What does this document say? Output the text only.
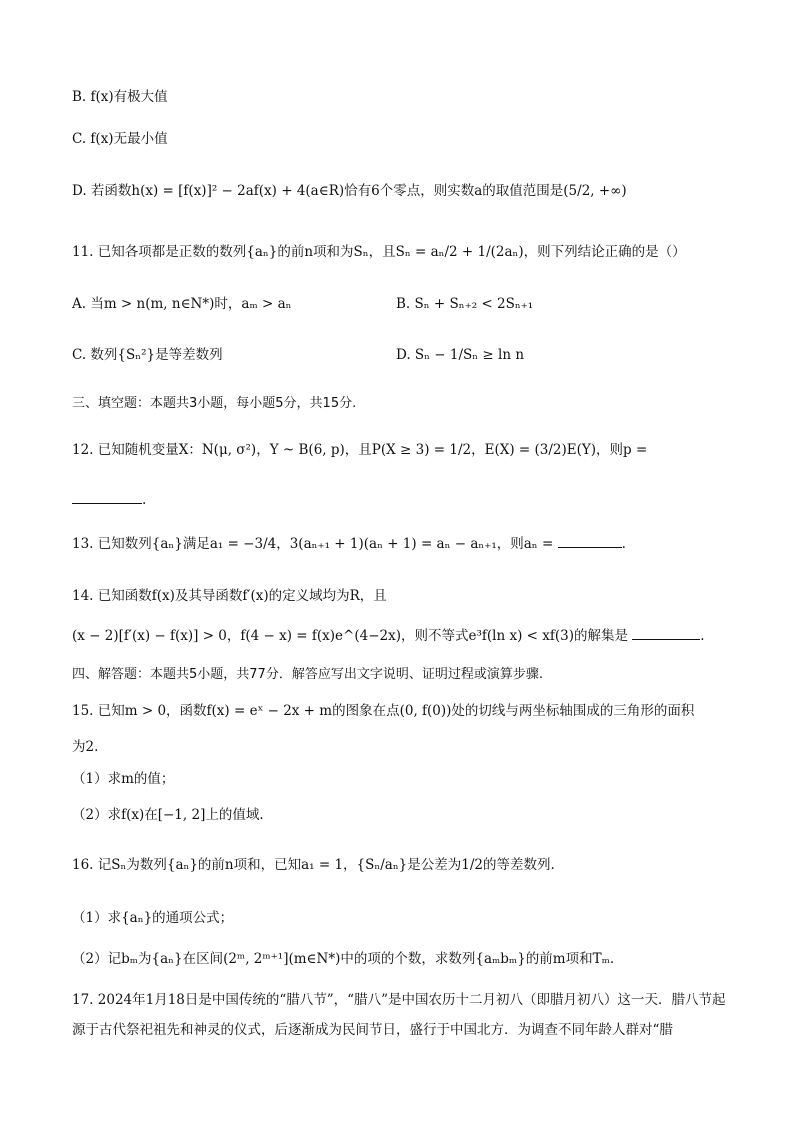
B. f(x)有极大值
C. f(x)无最小值
D. 若函数h(x) = [f(x)]² − 2af(x) + 4(a∈R)恰有6个零点，则实数a的取值范围是(5/2, +∞)
11. 已知各项都是正数的数列{aₙ}的前n项和为Sₙ，且Sₙ = aₙ/2 + 1/(2aₙ)，则下列结论正确的是（）
A. 当m > n(m, n∈N*)时，aₘ > aₙ	B. Sₙ + Sₙ₊₂ < 2Sₙ₊₁
C. 数列{Sₙ²}是等差数列	D. Sₙ − 1/Sₙ ≥ ln n
三、填空题：本题共3小题，每小题5分，共15分.
12. 已知随机变量X：N(μ, σ²)，Y ~ B(6, p)，且P(X ≥ 3) = 1/2，E(X) = (3/2)E(Y)，则p =
.
13. 已知数列{aₙ}满足a₁ = −3/4，3(aₙ₊₁ + 1)(aₙ + 1) = aₙ − aₙ₊₁，则aₙ =	.
14. 已知函数f(x)及其导函数f′(x)的定义域均为R，且
(x − 2)[f′(x) − f(x)] > 0，f(4 − x) = f(x)e^(4−2x)，则不等式e³f(ln x) < xf(3)的解集是	.
四、解答题：本题共5小题，共77分．解答应写出文字说明、证明过程或演算步骤.
15. 已知m > 0，函数f(x) = eˣ − 2x + m的图象在点(0, f(0))处的切线与两坐标轴围成的三角形的面积
为2.
（1）求m的值；
（2）求f(x)在[−1, 2]上的值域.
16. 记Sₙ为数列{aₙ}的前n项和，已知a₁ = 1，{Sₙ/aₙ}是公差为1/2的等差数列.
（1）求{aₙ}的通项公式；
（2）记bₘ为{aₙ}在区间(2ᵐ, 2ᵐ⁺¹](m∈N*)中的项的个数，求数列{aₘbₘ}的前m项和Tₘ.
17. 2024年1月18日是中国传统的“腊八节”，“腊八”是中国农历十二月初八（即腊月初八）这一天．腊八节起源于古代祭祀祖先和神灵的仪式，后逐渐成为民间节日，盛行于中国北方．为调查不同年龄人群对“腊
